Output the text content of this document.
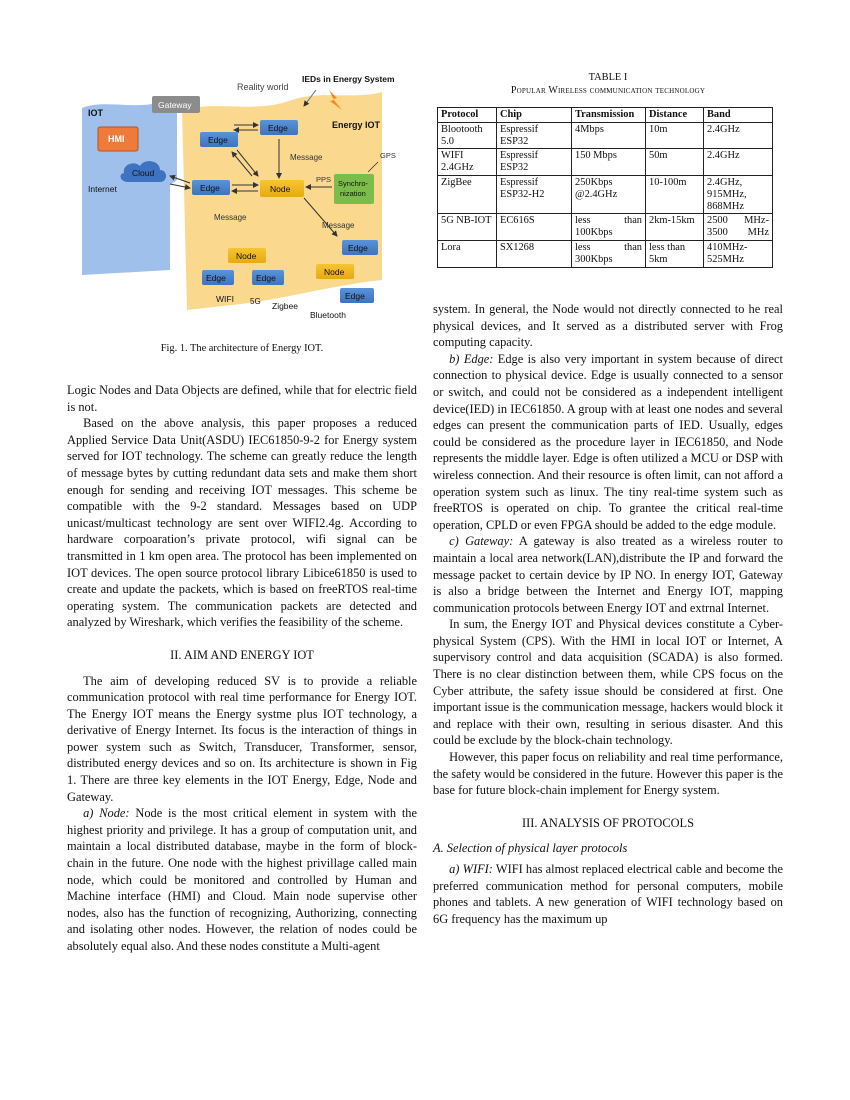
Reality world
IEDs in Energy System
IOT
Gateway
HMI
Energy IOT
GPS
Edge
Edge
Message
Cloud
Internet	Edge	Node
PPS Synchro-nization
Message
Message
Edge
Node
Edge	Edge
Node
Edge
WIFI 5G Zigbee
Bluetooth
Fig. 1. The architecture of Energy IOT.
TABLE I
Popular Wireless communication technology
Protocol	Chip	Transmission	Distance	Band
Blootooth 5.0	Espressif ESP32	4Mbps	10m	2.4GHz
WIFI 2.4GHz	Espressif ESP32	150 Mbps	50m	2.4GHz
ZigBee	Espressif ESP32-H2	250Kbps @2.4GHz	10-100m	2.4GHz, 915MHz, 868MHz
5G NB-IOT	EC616S	less than 100Kbps	2km-15km	2500 MHz-3500 MHz
Lora	SX1268	less than 300Kbps	less than 5km	410MHz-525MHz

Logic Nodes and Data Objects are defined, while that for electric field is not.

Based on the above analysis, this paper proposes a reduced Applied Service Data Unit(ASDU) IEC61850-9-2 for Energy system served for IOT technology. The scheme can greatly reduce the length of message bytes by cutting redundant data sets and make them short enough for sending and receiving IOT messages. This scheme be compatible with the 9-2 standard. Messages based on UDP unicast/multicast technology are sent over WIFI2.4g. According to hardware corpoaration’s private protocol, wifi signal can be transmitted in 1 km open area. The protocol has been implemented on IOT devices. The open source protocol library Libice61850 is used to create and update the packets, which is based on freeRTOS real-time operating system. The communication packets are detected and analyzed by Wireshark, which verifies the feasibility of the scheme.

II. AIM AND ENERGY IOT

The aim of developing reduced SV is to provide a reliable communication protocol with real time performance for Energy IOT. The Energy IOT means the Energy systme plus IOT technology, a derivative of Energy Internet. Its focus is the interaction of things in power system such as Switch, Transducer, Transformer, sensor, distributed energy devices and so on. Its architecture is shown in Fig 1. There are three key elements in the IOT Energy, Edge, Node and Gateway.

a) Node: Node is the most critical element in system with the highest priority and privilege. It has a group of computation unit, and maintain a local distributed database, maybe in the form of block-chain in the future. One node with the highest privillage called main node, which could be monitored and controlled by Human and Machine interface (HMI) and Cloud. Main node supervise other nodes, also has the function of recognizing, Authorizing, connecting and isolating other nodes. However, the relation of nodes could be absolutely equal also. And these nodes constitute a Multi-agent

system. In general, the Node would not directly connected to he real physical devices, and It served as a distributed server with Frog computing capacity.

b) Edge: Edge is also very important in system because of direct connection to physical device. Edge is usually connected to a sensor or switch, and could not be considered as a independent intelligent device(IED) in IEC61850. A group with at least one nodes and several edges can present the communication parts of IED. Usually, edges could be considered as the procedure layer in IEC61850, and Node represents the middle layer. Edge is often utilized a MCU or DSP with wireless connection. And their resource is often limit, can not afford a operation system such as linux. The tiny real-time system such as freeRTOS is operated on chip. To grantee the critical real-time operation, CPLD or even FPGA should be added to the edge module.

c) Gateway: A gateway is also treated as a wireless router to maintain a local area network(LAN),distribute the IP and forward the message packet to certain device by IP NO. In energy IOT, Gateway is also a bridge between the Internet and Energy IOT, mapping communication protocols between Energy IOT and extrnal Internet.

In sum, the Energy IOT and Physical devices constitute a Cyber-physical System (CPS). With the HMI in local IOT or Internet, A supervisory control and data acquisition (SCADA) is also formed. There is no clear distinction between them, while CPS focus on the Cyber attribute, the safety issue should be considered at first. One important issue is the communication message, hackers would block it and replace with their own, resulting in serious disaster. And this could be exclude by the block-chain technology.

However, this paper focus on reliability and real time performance, the safety would be considered in the future. However this paper is the base for future block-chain implement for Energy system.

III. ANALYSIS OF PROTOCOLS
A. Selection of physical layer protocols

a) WIFI: WIFI has almost replaced electrical cable and become the preferred communication method for personal computers, mobile phones and tablets. A new generation of WIFI technology based on 6G frequency has the maximum up
